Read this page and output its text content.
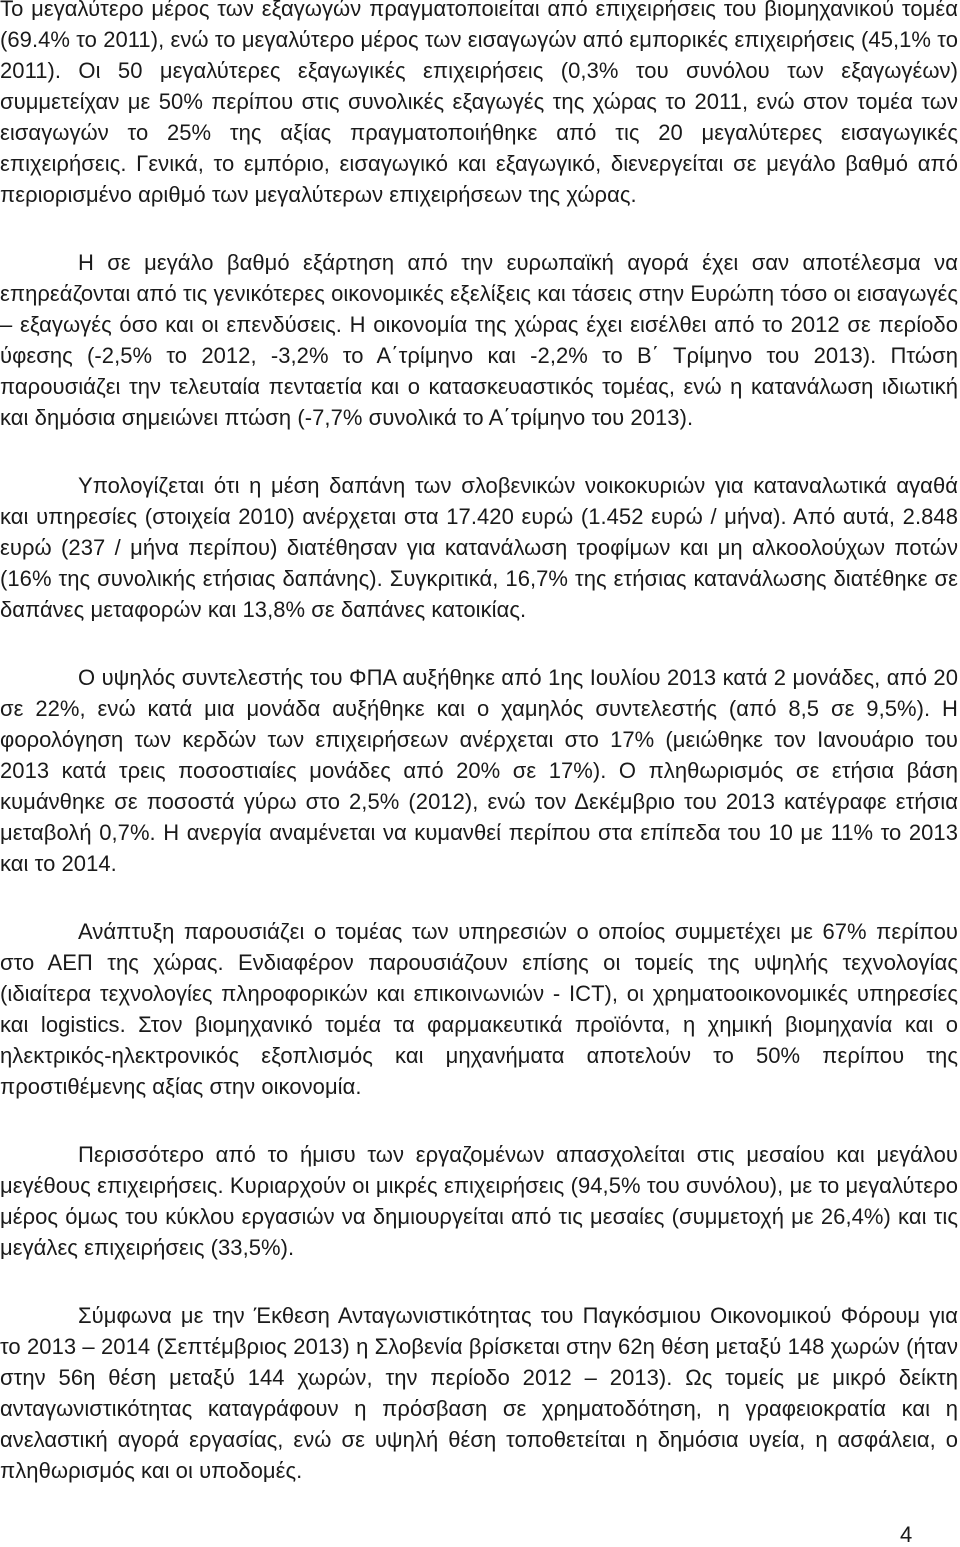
Το μεγαλύτερο μέρος των εξαγωγών πραγματοποιείται από επιχειρήσεις του βιομηχανικού τομέα (69.4% το 2011), ενώ το μεγαλύτερο μέρος των εισαγωγών από εμπορικές επιχειρήσεις (45,1% το 2011). Οι 50 μεγαλύτερες εξαγωγικές επιχειρήσεις (0,3% του συνόλου των εξαγωγέων) συμμετείχαν με 50% περίπου στις συνολικές εξαγωγές της χώρας το 2011, ενώ στον τομέα των εισαγωγών το 25% της αξίας πραγματοποιήθηκε από τις 20 μεγαλύτερες εισαγωγικές επιχειρήσεις. Γενικά, το εμπόριο, εισαγωγικό και εξαγωγικό, διενεργείται σε μεγάλο βαθμό από περιορισμένο αριθμό των μεγαλύτερων επιχειρήσεων της χώρας.

Η σε μεγάλο βαθμό εξάρτηση από την ευρωπαϊκή αγορά έχει σαν αποτέλεσμα να επηρεάζονται από τις γενικότερες οικονομικές εξελίξεις και τάσεις στην Ευρώπη τόσο οι εισαγωγές – εξαγωγές όσο και οι επενδύσεις. Η οικονομία της χώρας έχει εισέλθει από το 2012 σε περίοδο ύφεσης (-2,5% το 2012, -3,2% το Α΄τρίμηνο και -2,2% το Β΄ Τρίμηνο του 2013). Πτώση παρουσιάζει την τελευταία πενταετία και ο κατασκευαστικός τομέας, ενώ η κατανάλωση ιδιωτική και δημόσια σημειώνει πτώση (-7,7% συνολικά το Α΄τρίμηνο του 2013).

Υπολογίζεται ότι η μέση δαπάνη των σλοβενικών νοικοκυριών για καταναλωτικά αγαθά και υπηρεσίες (στοιχεία 2010) ανέρχεται στα 17.420 ευρώ (1.452 ευρώ / μήνα). Από αυτά, 2.848 ευρώ (237 / μήνα περίπου) διατέθησαν για κατανάλωση τροφίμων και μη αλκοολούχων ποτών (16% της συνολικής ετήσιας δαπάνης). Συγκριτικά, 16,7% της ετήσιας κατανάλωσης διατέθηκε σε δαπάνες μεταφορών και 13,8% σε δαπάνες κατοικίας.

Ο υψηλός συντελεστής του ΦΠΑ αυξήθηκε από 1ης Ιουλίου 2013 κατά 2 μονάδες, από 20 σε 22%, ενώ κατά μια μονάδα αυξήθηκε και ο χαμηλός συντελεστής (από 8,5 σε 9,5%). Η φορολόγηση των κερδών των επιχειρήσεων ανέρχεται στο 17% (μειώθηκε τον Ιανουάριο του 2013 κατά τρεις ποσοστιαίες μονάδες από 20% σε 17%). Ο πληθωρισμός σε ετήσια βάση κυμάνθηκε σε ποσοστά γύρω στο 2,5% (2012), ενώ τον Δεκέμβριο του 2013 κατέγραφε ετήσια μεταβολή 0,7%. Η ανεργία αναμένεται να κυμανθεί περίπου στα επίπεδα του 10 με 11% το 2013 και το 2014.

Ανάπτυξη παρουσιάζει ο τομέας των υπηρεσιών ο οποίος συμμετέχει με 67% περίπου στο ΑΕΠ της χώρας. Ενδιαφέρον παρουσιάζουν επίσης οι τομείς της υψηλής τεχνολογίας (ιδιαίτερα τεχνολογίες πληροφορικών και επικοινωνιών - ICT), οι χρηματοοικονομικές υπηρεσίες και logistics. Στον βιομηχανικό τομέα τα φαρμακευτικά προϊόντα, η χημική βιομηχανία και ο ηλεκτρικός-ηλεκτρονικός εξοπλισμός και μηχανήματα αποτελούν το 50% περίπου της προστιθέμενης αξίας στην οικονομία.

Περισσότερο από το ήμισυ των εργαζομένων απασχολείται στις μεσαίου και μεγάλου μεγέθους επιχειρήσεις. Κυριαρχούν οι μικρές επιχειρήσεις (94,5% του συνόλου), με το μεγαλύτερο μέρος όμως του κύκλου εργασιών να δημιουργείται από τις μεσαίες (συμμετοχή με 26,4%) και τις μεγάλες επιχειρήσεις (33,5%).

Σύμφωνα με την Έκθεση Ανταγωνιστικότητας του Παγκόσμιου Οικονομικού Φόρουμ για το 2013 – 2014 (Σεπτέμβριος 2013) η Σλοβενία βρίσκεται στην 62η θέση μεταξύ 148 χωρών (ήταν στην 56η θέση μεταξύ 144 χωρών, την περίοδο 2012 – 2013). Ως τομείς με μικρό δείκτη ανταγωνιστικότητας καταγράφουν η πρόσβαση σε χρηματοδότηση, η γραφειοκρατία και η ανελαστική αγορά εργασίας, ενώ σε υψηλή θέση τοποθετείται η δημόσια υγεία, η ασφάλεια, ο πληθωρισμός και οι υποδομές.

4
